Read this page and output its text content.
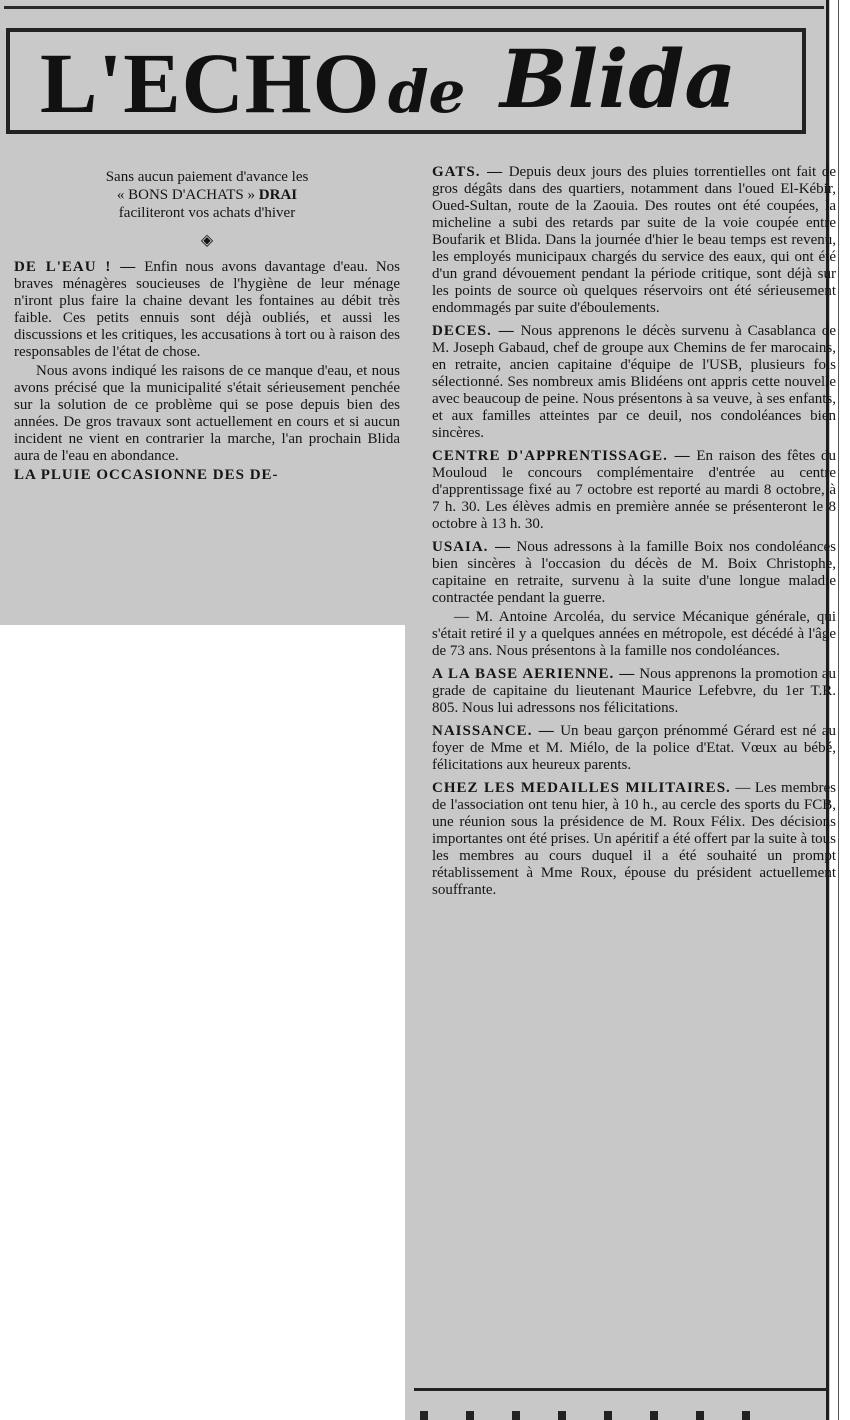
L'ECHO de Blida
Sans aucun paiement d'avance les
« BONS D'ACHATS » DRAI
faciliteront vos achats d'hiver
◈

DE L'EAU ! — Enfin nous avons davantage d'eau. Nos braves ménagères soucieuses de l'hygiène de leur ménage n'iront plus faire la chaine devant les fontaines au débit très faible. Ces petits ennuis sont déjà oubliés, et aussi les discussions et les critiques, les accusations à tort ou à raison des responsables de l'état de chose.

Nous avons indiqué les raisons de ce manque d'eau, et nous avons précisé que la municipalité s'était sérieusement penchée sur la solution de ce problème qui se pose depuis bien des années. De gros travaux sont actuellement en cours et si aucun incident ne vient en contrarier la marche, l'an prochain Blida aura de l'eau en abondance.

LA PLUIE OCCASIONNE DES DE-

GATS. — Depuis deux jours des pluies torrentielles ont fait de gros dégâts dans des quartiers, notamment dans l'oued El-Kébir, Oued-Sultan, route de la Zaouia. Des routes ont été coupées, la micheline a subi des retards par suite de la voie coupée entre Boufarik et Blida. Dans la journée d'hier le beau temps est revenu, les employés municipaux chargés du service des eaux, qui ont été d'un grand dévouement pendant la période critique, sont déjà sur les points de source où quelques réservoirs ont été sérieusement endommagés par suite d'éboulements.

DECES. — Nous apprenons le décès survenu à Casablanca de M. Joseph Gabaud, chef de groupe aux Chemins de fer marocains, en retraite, ancien capitaine d'équipe de l'USB, plusieurs fois sélectionné. Ses nombreux amis Blidéens ont appris cette nouvelle avec beaucoup de peine. Nous présentons à sa veuve, à ses enfants, et aux familles atteintes par ce deuil, nos condoléances bien sincères.

CENTRE D'APPRENTISSAGE. — En raison des fêtes du Mouloud le concours complémentaire d'entrée au centre d'apprentissage fixé au 7 octobre est reporté au mardi 8 octobre, à 7 h. 30. Les élèves admis en première année se présenteront le 8 octobre à 13 h. 30.

USAIA. — Nous adressons à la famille Boix nos condoléances bien sincères à l'occasion du décès de M. Boix Christophe, capitaine en retraite, survenu à la suite d'une longue maladie contractée pendant la guerre.

— M. Antoine Arcoléa, du service Mécanique générale, qui s'était retiré il y a quelques années en métropole, est décédé à l'âge de 73 ans. Nous présentons à la famille nos condoléances.

A LA BASE AERIENNE. — Nous apprenons la promotion au grade de capitaine du lieutenant Maurice Lefebvre, du 1er T.R. 805. Nous lui adressons nos félicitations.

NAISSANCE. — Un beau garçon prénommé Gérard est né au foyer de Mme et M. Miélo, de la police d'Etat. Vœux au bébé, félicitations aux heureux parents.

CHEZ LES MEDAILLES MILITAIRES. — Les membres de l'association ont tenu hier, à 10 h., au cercle des sports du FCB, une réunion sous la présidence de M. Roux Félix. Des décisions importantes ont été prises. Un apéritif a été offert par la suite à tous les membres au cours duquel il a été souhaité un prompt rétablissement à Mme Roux, épouse du président actuellement souffrante.
